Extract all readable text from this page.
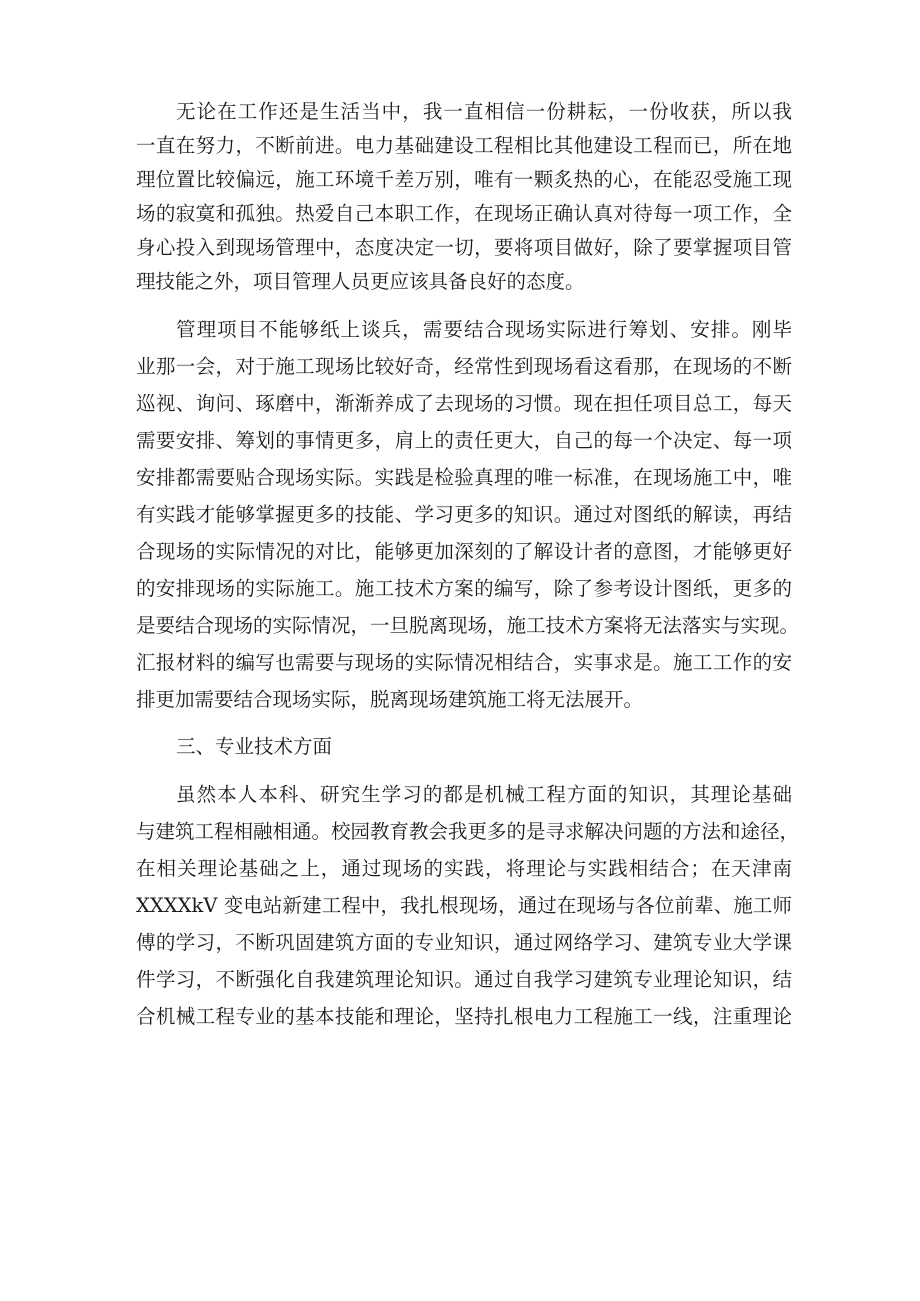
无论在工作还是生活当中，我一直相信一份耕耘，一份收获，所以我

一直在努力，不断前进。电力基础建设工程相比其他建设工程而已，所在地

理位置比较偏远，施工环境千差万别，唯有一颗炙热的心，在能忍受施工现

场的寂寞和孤独。热爱自己本职工作，在现场正确认真对待每一项工作，全

身心投入到现场管理中，态度决定一切，要将项目做好，除了要掌握项目管

理技能之外，项目管理人员更应该具备良好的态度。

管理项目不能够纸上谈兵，需要结合现场实际进行筹划、安排。刚毕

业那一会，对于施工现场比较好奇，经常性到现场看这看那，在现场的不断

巡视、询问、琢磨中，渐渐养成了去现场的习惯。现在担任项目总工，每天

需要安排、筹划的事情更多，肩上的责任更大，自己的每一个决定、每一项

安排都需要贴合现场实际。实践是检验真理的唯一标准，在现场施工中，唯

有实践才能够掌握更多的技能、学习更多的知识。通过对图纸的解读，再结

合现场的实际情况的对比，能够更加深刻的了解设计者的意图，才能够更好

的安排现场的实际施工。施工技术方案的编写，除了参考设计图纸，更多的

是要结合现场的实际情况，一旦脱离现场，施工技术方案将无法落实与实现。

汇报材料的编写也需要与现场的实际情况相结合，实事求是。施工工作的安

排更加需要结合现场实际，脱离现场建筑施工将无法展开。

三、专业技术方面

虽然本人本科、研究生学习的都是机械工程方面的知识，其理论基础

与建筑工程相融相通。校园教育教会我更多的是寻求解决问题的方法和途径，

在相关理论基础之上，通过现场的实践，将理论与实践相结合；在天津南

XXXXkV 变电站新建工程中，我扎根现场，通过在现场与各位前辈、施工师

傅的学习，不断巩固建筑方面的专业知识，通过网络学习、建筑专业大学课

件学习，不断强化自我建筑理论知识。通过自我学习建筑专业理论知识，结

合机械工程专业的基本技能和理论，坚持扎根电力工程施工一线，注重理论
